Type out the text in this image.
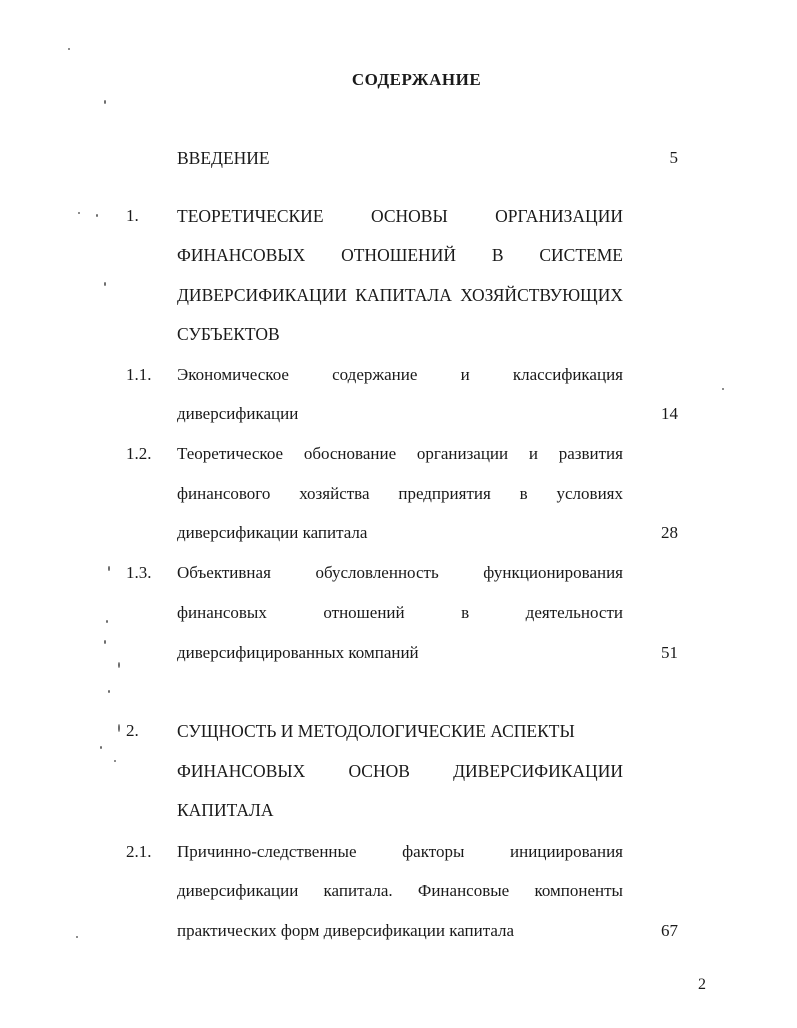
СОДЕРЖАНИЕ
ВВЕДЕНИЕ	5
1. ТЕОРЕТИЧЕСКИЕ	ОСНОВЫ	ОРГАНИЗАЦИИ
ФИНАНСОВЫХ ОТНОШЕНИЙ В СИСТЕМЕ
ДИВЕРСИФИКАЦИИ КАПИТАЛА ХОЗЯЙСТВУЮЩИХ
СУБЪЕКТОВ
1.1. Экономическое	содержание	и	классификация
диверсификации	14
1.2. Теоретическое обоснование организации и развития
финансового хозяйства предприятия в условиях
диверсификации капитала	28
1.3. Объективная	обусловленность	функционирования
финансовых	отношений	в	деятельности
диверсифицированных компаний	51
2. СУЩНОСТЬ И МЕТОДОЛОГИЧЕСКИЕ АСПЕКТЫ
ФИНАНСОВЫХ ОСНОВ ДИВЕРСИФИКАЦИИ
КАПИТАЛА
2.1. Причинно-следственные	факторы	инициирования
диверсификации капитала. Финансовые компоненты
практических форм диверсификации капитала	67
2
